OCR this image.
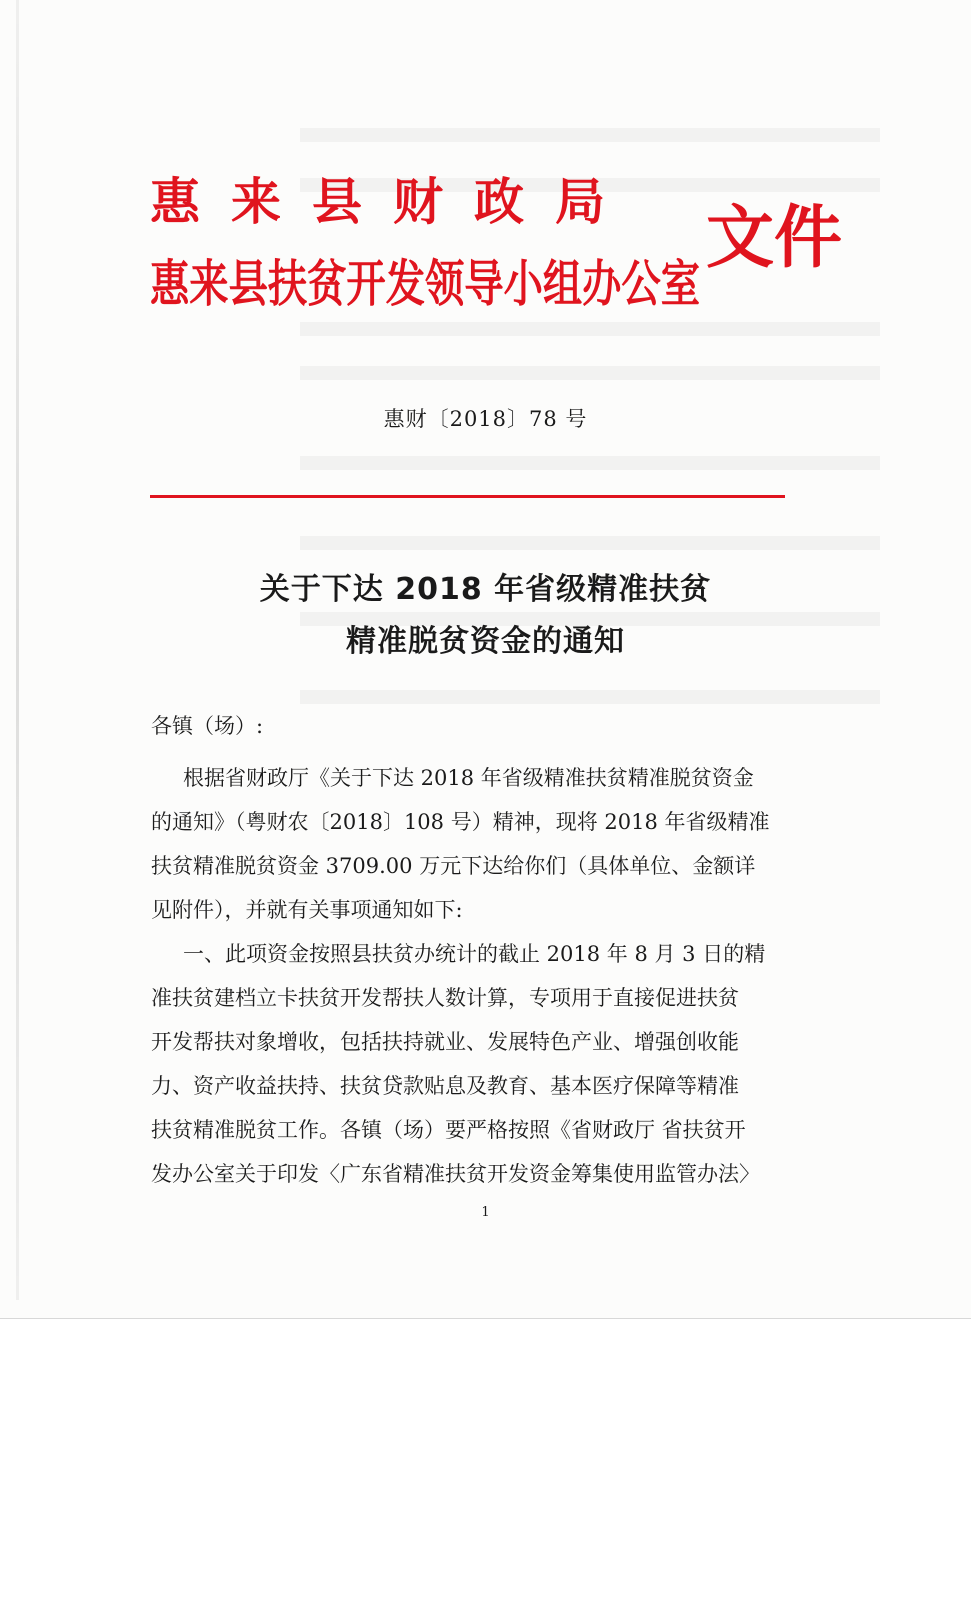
惠来县财政局
惠来县扶贫开发领导小组办公室
文件

惠财〔2018〕78 号

关于下达 2018 年省级精准扶贫
精准脱贫资金的通知

各镇（场）:

根据省财政厅《关于下达 2018 年省级精准扶贫精准脱贫资金

的通知》（粤财农〔2018〕108 号）精神，现将 2018 年省级精准

扶贫精准脱贫资金 3709.00 万元下达给你们（具体单位、金额详

见附件），并就有关事项通知如下:

一、此项资金按照县扶贫办统计的截止 2018 年 8 月 3 日的精

准扶贫建档立卡扶贫开发帮扶人数计算，专项用于直接促进扶贫

开发帮扶对象增收，包括扶持就业、发展特色产业、增强创收能

力、资产收益扶持、扶贫贷款贴息及教育、基本医疗保障等精准

扶贫精准脱贫工作。各镇（场）要严格按照《省财政厅 省扶贫开

发办公室关于印发〈广东省精准扶贫开发资金筹集使用监管办法〉

1
